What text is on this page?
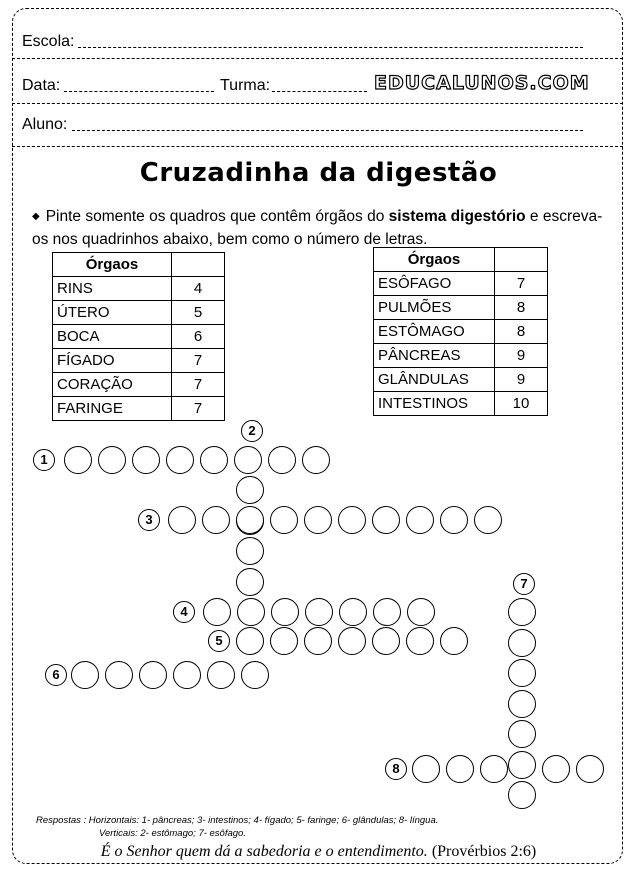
Escola:
Data:	Turma:	EDUCALUNOS.COM
Aluno:
Cruzadinha da digestão
◆ Pinte somente os quadros que contêm órgãos do sistema digestório e escreva-os nos quadrinhos abaixo, bem como o número de letras.
Órgaos	
RINS	4
ÚTERO	5
BOCA	6
FÍGADO	7
CORAÇÃO	7
FARINGE	7
Órgaos	
ESÔFAGO	7
PULMÕES	8
ESTÔMAGO	8
PÂNCREAS	9
GLÂNDULAS	9
INTESTINOS	10
1
2
3
4
5
6
7
8
Respostas : Horizontais: 1- pâncreas; 3- intestinos; 4- fígado; 5- faringe; 6- glândulas; 8- língua.
Verticais: 2- estômago; 7- esôfago.
É o Senhor quem dá a sabedoria e o entendimento. (Provérbios 2:6)
